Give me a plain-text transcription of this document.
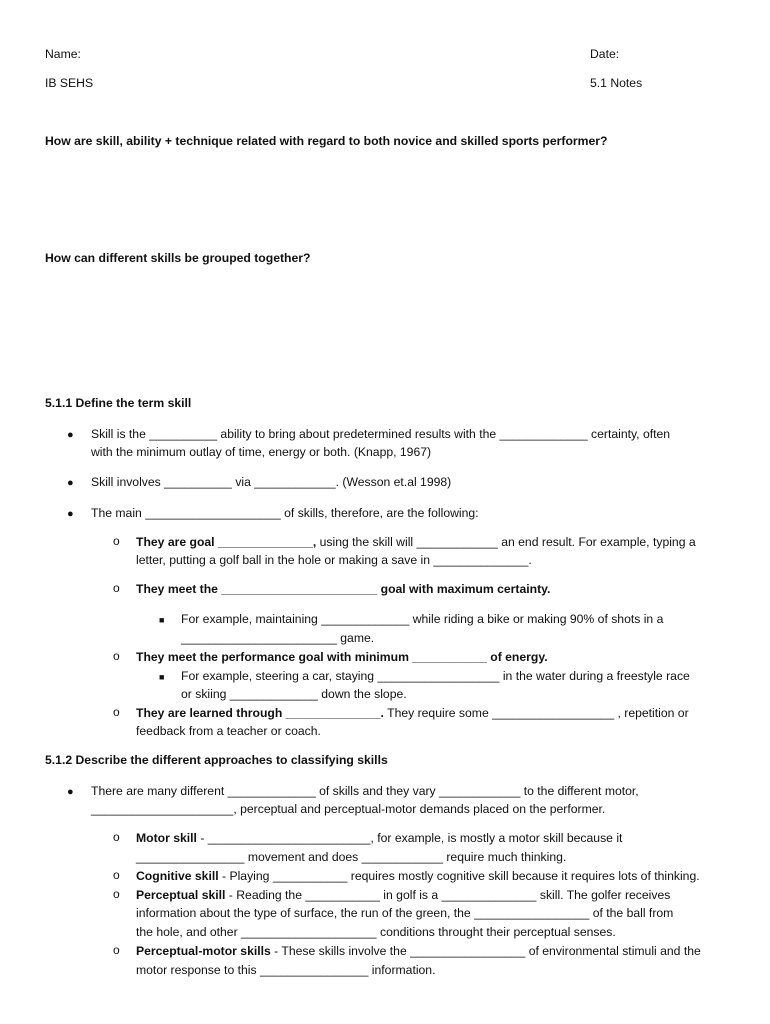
Name:	Date:
IB SEHS	5.1 Notes
How are skill, ability + technique related with regard to both novice and skilled sports performer?
How can different skills be grouped together?
5.1.1 Define the term skill
● Skill is the __________ ability to bring about predetermined results with the _____________ certainty, often
with the minimum outlay of time, energy or both. (Knapp, 1967)
● Skill involves __________ via ____________. (Wesson et.al 1998)
● The main ____________________ of skills, therefore, are the following:
o They are goal ______________, using the skill will ____________ an end result. For example, typing a
letter, putting a golf ball in the hole or making a save in ______________.
o They meet the _______________________ goal with maximum certainty.
■ For example, maintaining _____________ while riding a bike or making 90% of shots in a
_______________________ game.
o They meet the performance goal with minimum ___________ of energy.
■ For example, steering a car, staying __________________ in the water during a freestyle race
or skiing _____________ down the slope.
o They are learned through ______________. They require some __________________ , repetition or
feedback from a teacher or coach.
5.1.2 Describe the different approaches to classifying skills
● There are many different _____________ of skills and they vary ____________ to the different motor,
_____________________, perceptual and perceptual-motor demands placed on the performer.
o Motor skill - ________________________, for example, is mostly a motor skill because it
________________ movement and does ____________ require much thinking.
o Cognitive skill - Playing ___________ requires mostly cognitive skill because it requires lots of thinking.
o Perceptual skill - Reading the ___________ in golf is a ______________ skill. The golfer receives
information about the type of surface, the run of the green, the _________________ of the ball from
the hole, and other ____________________ conditions throught their perceptual senses.
o Perceptual-motor skills - These skills involve the _________________ of environmental stimuli and the
motor response to this ________________ information.
